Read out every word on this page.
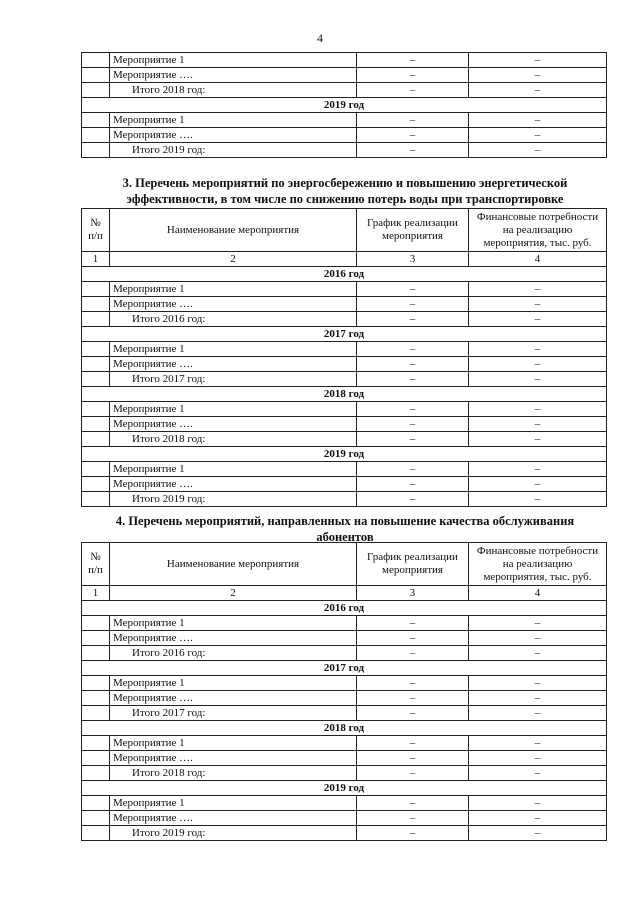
4
	Мероприятие 1	–	–
	Мероприятие ….	–	–
	Итого 2018 год:	–	–
2019 год			
	Мероприятие 1	–	–
	Мероприятие ….	–	–
	Итого 2019 год:	–	–
3. Перечень мероприятий по энергосбережению и повышению энергетической эффективности, в том числе по снижению потерь воды при транспортировке
№ п/п	Наименование мероприятия	График реализации мероприятия	Финансовые потребности на реализацию мероприятия, тыс. руб.
1	2	3	4
2016 год			
	Мероприятие 1	–	–
	Мероприятие ….	–	–
	Итого 2016 год:	–	–
2017 год			
	Мероприятие 1	–	–
	Мероприятие ….	–	–
	Итого 2017 год:	–	–
2018 год			
	Мероприятие 1	–	–
	Мероприятие ….	–	–
	Итого 2018 год:	–	–
2019 год			
	Мероприятие 1	–	–
	Мероприятие ….	–	–
	Итого 2019 год:	–	–
4. Перечень мероприятий, направленных на повышение качества обслуживания абонентов
№ п/п	Наименование мероприятия	График реализации мероприятия	Финансовые потребности на реализацию мероприятия, тыс. руб.
1	2	3	4
2016 год			
	Мероприятие 1	–	–
	Мероприятие ….	–	–
	Итого 2016 год:	–	–
2017 год			
	Мероприятие 1	–	–
	Мероприятие ….	–	–
	Итого 2017 год:	–	–
2018 год			
	Мероприятие 1	–	–
	Мероприятие ….	–	–
	Итого 2018 год:	–	–
2019 год			
	Мероприятие 1	–	–
	Мероприятие ….	–	–
	Итого 2019 год:	–	–
